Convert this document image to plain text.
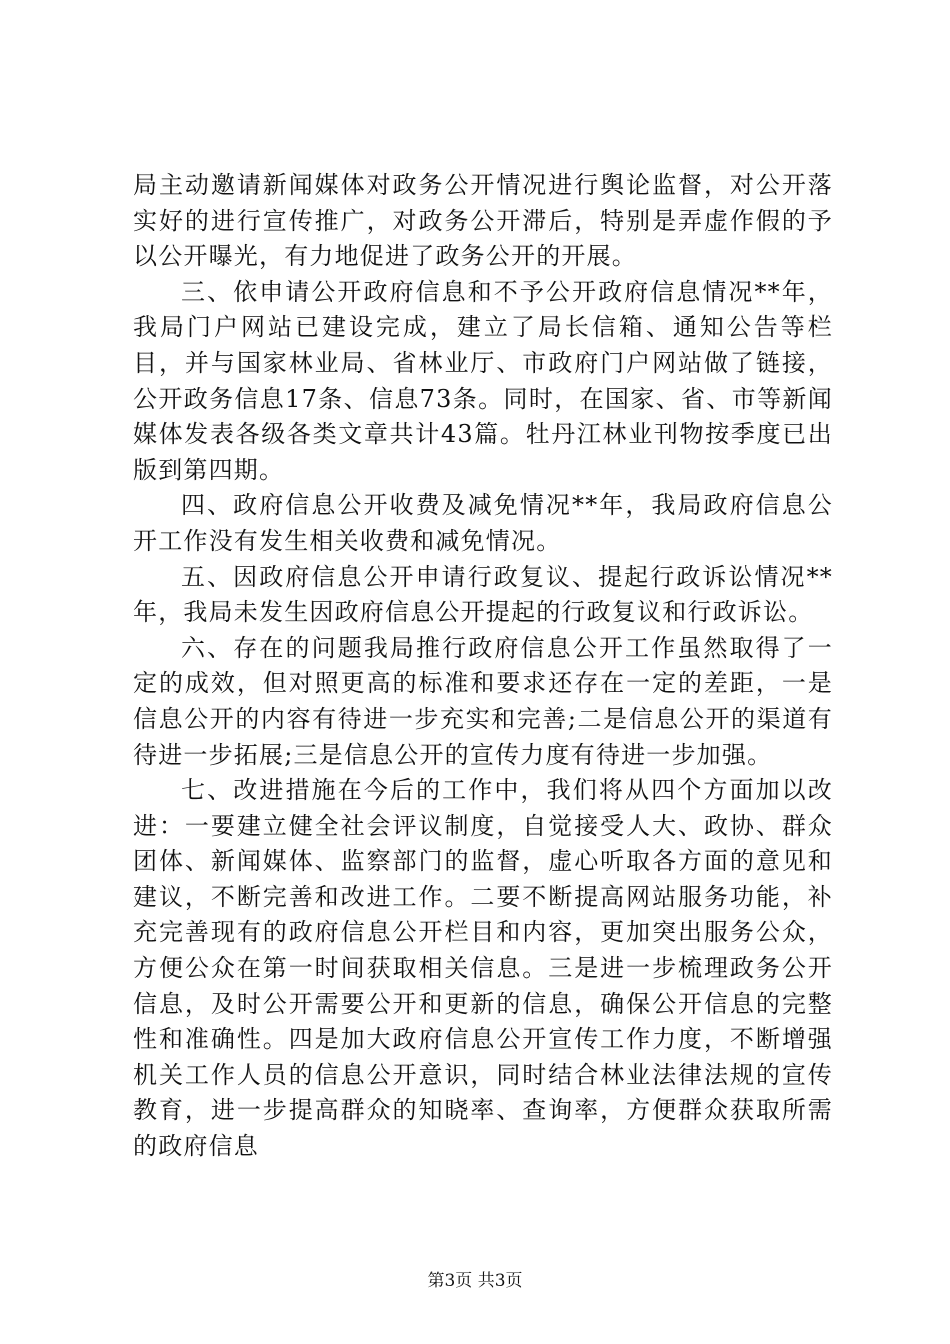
局主动邀请新闻媒体对政务公开情况进行舆论监督，对公开落实好的进行宣传推广，对政务公开滞后，特别是弄虚作假的予以公开曝光，有力地促进了政务公开的开展。

三、依申请公开政府信息和不予公开政府信息情况**年，我局门户网站已建设完成，建立了局长信箱、通知公告等栏目，并与国家林业局、省林业厅、市政府门户网站做了链接，公开政务信息17条、信息73条。同时，在国家、省、市等新闻媒体发表各级各类文章共计43篇。牡丹江林业刊物按季度已出版到第四期。

四、政府信息公开收费及减免情况**年，我局政府信息公开工作没有发生相关收费和减免情况。

五、因政府信息公开申请行政复议、提起行政诉讼情况**年，我局未发生因政府信息公开提起的行政复议和行政诉讼。

六、存在的问题我局推行政府信息公开工作虽然取得了一定的成效，但对照更高的标准和要求还存在一定的差距，一是信息公开的内容有待进一步充实和完善;二是信息公开的渠道有待进一步拓展;三是信息公开的宣传力度有待进一步加强。

七、改进措施在今后的工作中，我们将从四个方面加以改进：一要建立健全社会评议制度，自觉接受人大、政协、群众团体、新闻媒体、监察部门的监督，虚心听取各方面的意见和建议，不断完善和改进工作。二要不断提高网站服务功能，补充完善现有的政府信息公开栏目和内容，更加突出服务公众，方便公众在第一时间获取相关信息。三是进一步梳理政务公开信息，及时公开需要公开和更新的信息，确保公开信息的完整性和准确性。四是加大政府信息公开宣传工作力度，不断增强机关工作人员的信息公开意识，同时结合林业法律法规的宣传教育，进一步提高群众的知晓率、查询率，方便群众获取所需的政府信息

第3页 共3页
